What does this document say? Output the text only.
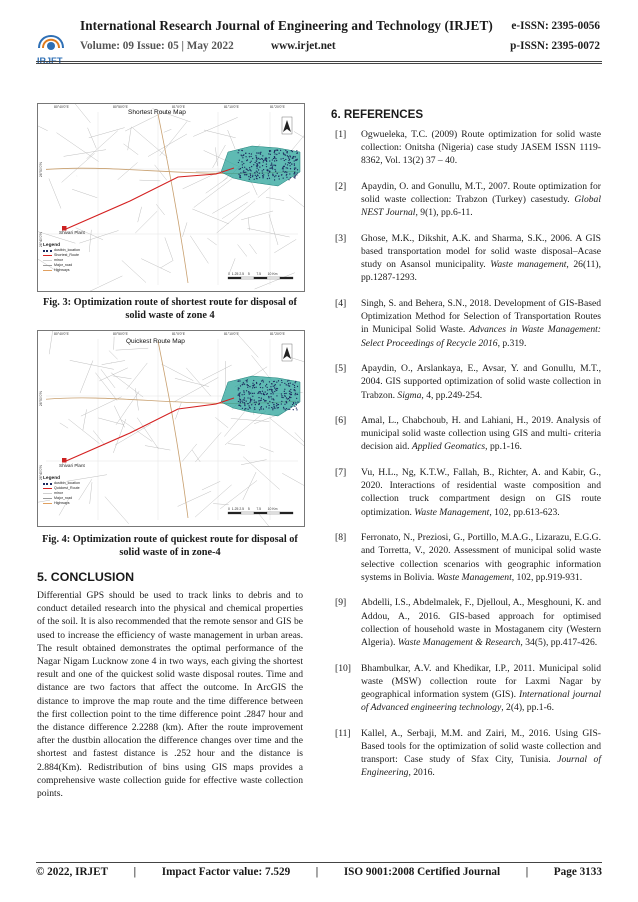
IRJET
International Research Journal of Engineering and Technology (IRJET)
Volume: 09 Issue: 05 | May 2022	www.irjet.net
e-ISSN: 2395-0056
p-ISSN: 2395-0072
Shortest Route Map
80°40'0"E	80°50'0"E	81°0'0"E	81°10'0"E	81°20'0"E
26°50'0"N
26°40'0"N	Shivari Plant
Legend
dustbin_location
Shortest_Route
minor
Major_road
Highways
0 1.25 2.5 5 7.5 10 Km
Fig. 3: Optimization route of shortest route for disposal of solid waste of zone 4
Quickest Route Map
80°40'0"E	80°50'0"E	81°0'0"E	81°10'0"E	81°20'0"E
26°50'0"N
26°40'0"N	Shivari Plant
Legend
dustbin_location
Quickest_Route
minor
Major_road
Highways
0 1.25 2.5 5 7.5 10 Km
Fig. 4: Optimization route of quickest route for disposal of solid waste of in zone-4
5. CONCLUSION
Differential GPS should be used to track links to debris and to conduct detailed research into the physical and chemical properties of the soil. It is also recommended that the remote sensor and GIS be used to increase the efficiency of waste management in urban areas. The result obtained demonstrates the optimal performance of the Nagar Nigam Lucknow zone 4 in two ways, each giving the shortest result and one of the quickest solid waste disposal routes. Time and distance are two factors that affect the outcome. In ArcGIS the distance to improve the map route and the time difference between the first collection point to the time difference point .2847 hour and the distance difference 2.2288 (km). After the route improvement after the dustbin allocation the difference changes over time and the shortest and fastest distance is .252 hour and the distance is 2.884(Km). Redistribution of bins using GIS maps provides a comprehensive waste collection guide for effective waste collection points.
6. REFERENCES
[1] Ogwueleka, T.C. (2009) Route optimization for solid waste collection: Onitsha (Nigeria) case study JASEM ISSN 1119-8362, Vol. 13(2) 37 – 40.
[2] Apaydin, O. and Gonullu, M.T., 2007. Route optimization for solid waste collection: Trabzon (Turkey) casestudy. Global NEST Journal, 9(1), pp.6-11.
[3] Ghose, M.K., Dikshit, A.K. and Sharma, S.K., 2006. A GIS based transportation model for solid waste disposal–Acase study on Asansol municipality. Waste management, 26(11), pp.1287-1293.
[4] Singh, S. and Behera, S.N., 2018. Development of GIS-Based Optimization Method for Selection of Transportation Routes in Municipal Solid Waste. Advances in Waste Management: Select Proceedings of Recycle 2016, p.319.
[5] Apaydin, O., Arslankaya, E., Avsar, Y. and Gonullu, M.T., 2004. GIS supported optimization of solid waste collection in Trabzon. Sigma, 4, pp.249-254.
[6] Amal, L., Chabchoub, H. and Lahiani, H., 2019. Analysis of municipal solid waste collection using GIS and multi- criteria decision aid. Applied Geomatics, pp.1-16.
[7] Vu, H.L., Ng, K.T.W., Fallah, B., Richter, A. and Kabir, G., 2020. Interactions of residential waste composition and collection truck compartment design on GIS route optimization. Waste Management, 102, pp.613-623.
[8] Ferronato, N., Preziosi, G., Portillo, M.A.G., Lizarazu, E.G.G. and Torretta, V., 2020. Assessment of municipal solid waste selective collection scenarios with geographic information systems in Bolivia. Waste Management, 102, pp.919-931.
[9] Abdelli, I.S., Abdelmalek, F., Djelloul, A., Mesghouni, K. and Addou, A., 2016. GIS-based approach for optimised collection of household waste in Mostaganem city (Western Algeria). Waste Management & Research, 34(5), pp.417-426.
[10] Bhambulkar, A.V. and Khedikar, I.P., 2011. Municipal solid waste (MSW) collection route for Laxmi Nagar by geographical information system (GIS). International journal of Advanced engineering technology, 2(4), pp.1-6.
[11] Kallel, A., Serbaji, M.M. and Zairi, M., 2016. Using GIS-Based tools for the optimization of solid waste collection and transport: Case study of Sfax City, Tunisia. Journal of Engineering, 2016.
© 2022, IRJET | Impact Factor value: 7.529 | ISO 9001:2008 Certified Journal | Page 3133
